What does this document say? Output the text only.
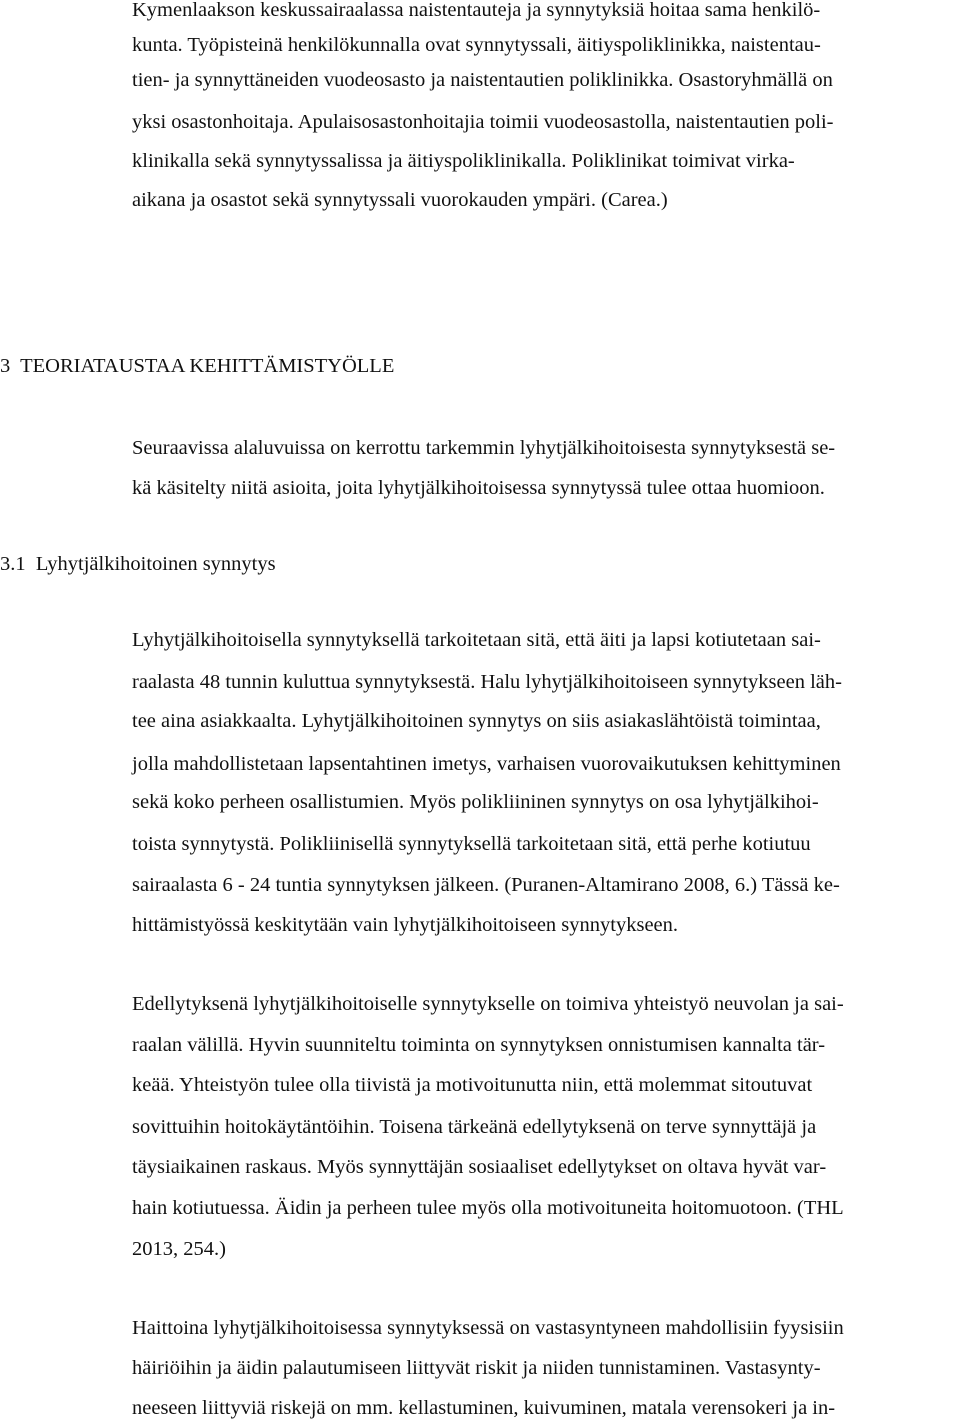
Kymenlaakson keskussairaalassa naistentauteja ja synnytyksiä hoitaa sama henkilö-
kunta. Työpisteinä henkilökunnalla ovat synnytyssali, äitiyspoliklinikka, naistentau-
tien- ja synnyttäneiden vuodeosasto ja naistentautien poliklinikka. Osastoryhmällä on
yksi osastonhoitaja. Apulaisosastonhoitajia toimii vuodeosastolla, naistentautien poli-
klinikalla sekä synnytyssalissa ja äitiyspoliklinikalla. Poliklinikat toimivat virka-
aikana ja osastot sekä synnytyssali vuorokauden ympäri. (Carea.)
3  TEORIATAUSTAA KEHITTÄMISTYÖLLE
Seuraavissa alaluvuissa on kerrottu tarkemmin lyhytjälkihoitoisesta synnytyksestä se-
kä käsitelty niitä asioita, joita lyhytjälkihoitoisessa synnytyssä tulee ottaa huomioon.
3.1  Lyhytjälkihoitoinen synnytys
Lyhytjälkihoitoisella synnytyksellä tarkoitetaan sitä, että äiti ja lapsi kotiutetaan sai-
raalasta 48 tunnin kuluttua synnytyksestä. Halu lyhytjälkihoitoiseen synnytykseen läh-
tee aina asiakkaalta. Lyhytjälkihoitoinen synnytys on siis asiakaslähtöistä toimintaa,
jolla mahdollistetaan lapsentahtinen imetys, varhaisen vuorovaikutuksen kehittyminen
sekä koko perheen osallistumien. Myös polikliininen synnytys on osa lyhytjälkihoi-
toista synnytystä. Polikliinisellä synnytyksellä tarkoitetaan sitä, että perhe kotiutuu
sairaalasta 6 - 24 tuntia synnytyksen jälkeen. (Puranen-Altamirano 2008, 6.) Tässä ke-
hittämistyössä keskitytään vain lyhytjälkihoitoiseen synnytykseen.
Edellytyksenä lyhytjälkihoitoiselle synnytykselle on toimiva yhteistyö neuvolan ja sai-
raalan välillä. Hyvin suunniteltu toiminta on synnytyksen onnistumisen kannalta tär-
keää. Yhteistyön tulee olla tiivistä ja motivoitunutta niin, että molemmat sitoutuvat
sovittuihin hoitokäytäntöihin. Toisena tärkeänä edellytyksenä on terve synnyttäjä ja
täysiaikainen raskaus. Myös synnyttäjän sosiaaliset edellytykset on oltava hyvät var-
hain kotiutuessa. Äidin ja perheen tulee myös olla motivoituneita hoitomuotoon. (THL
2013, 254.)
Haittoina lyhytjälkihoitoisessa synnytyksessä on vastasyntyneen mahdollisiin fyysisiin
häiriöihin ja äidin palautumiseen liittyvät riskit ja niiden tunnistaminen. Vastasynty-
neeseen liittyviä riskejä on mm. kellastuminen, kuivuminen, matala verensokeri ja in-
